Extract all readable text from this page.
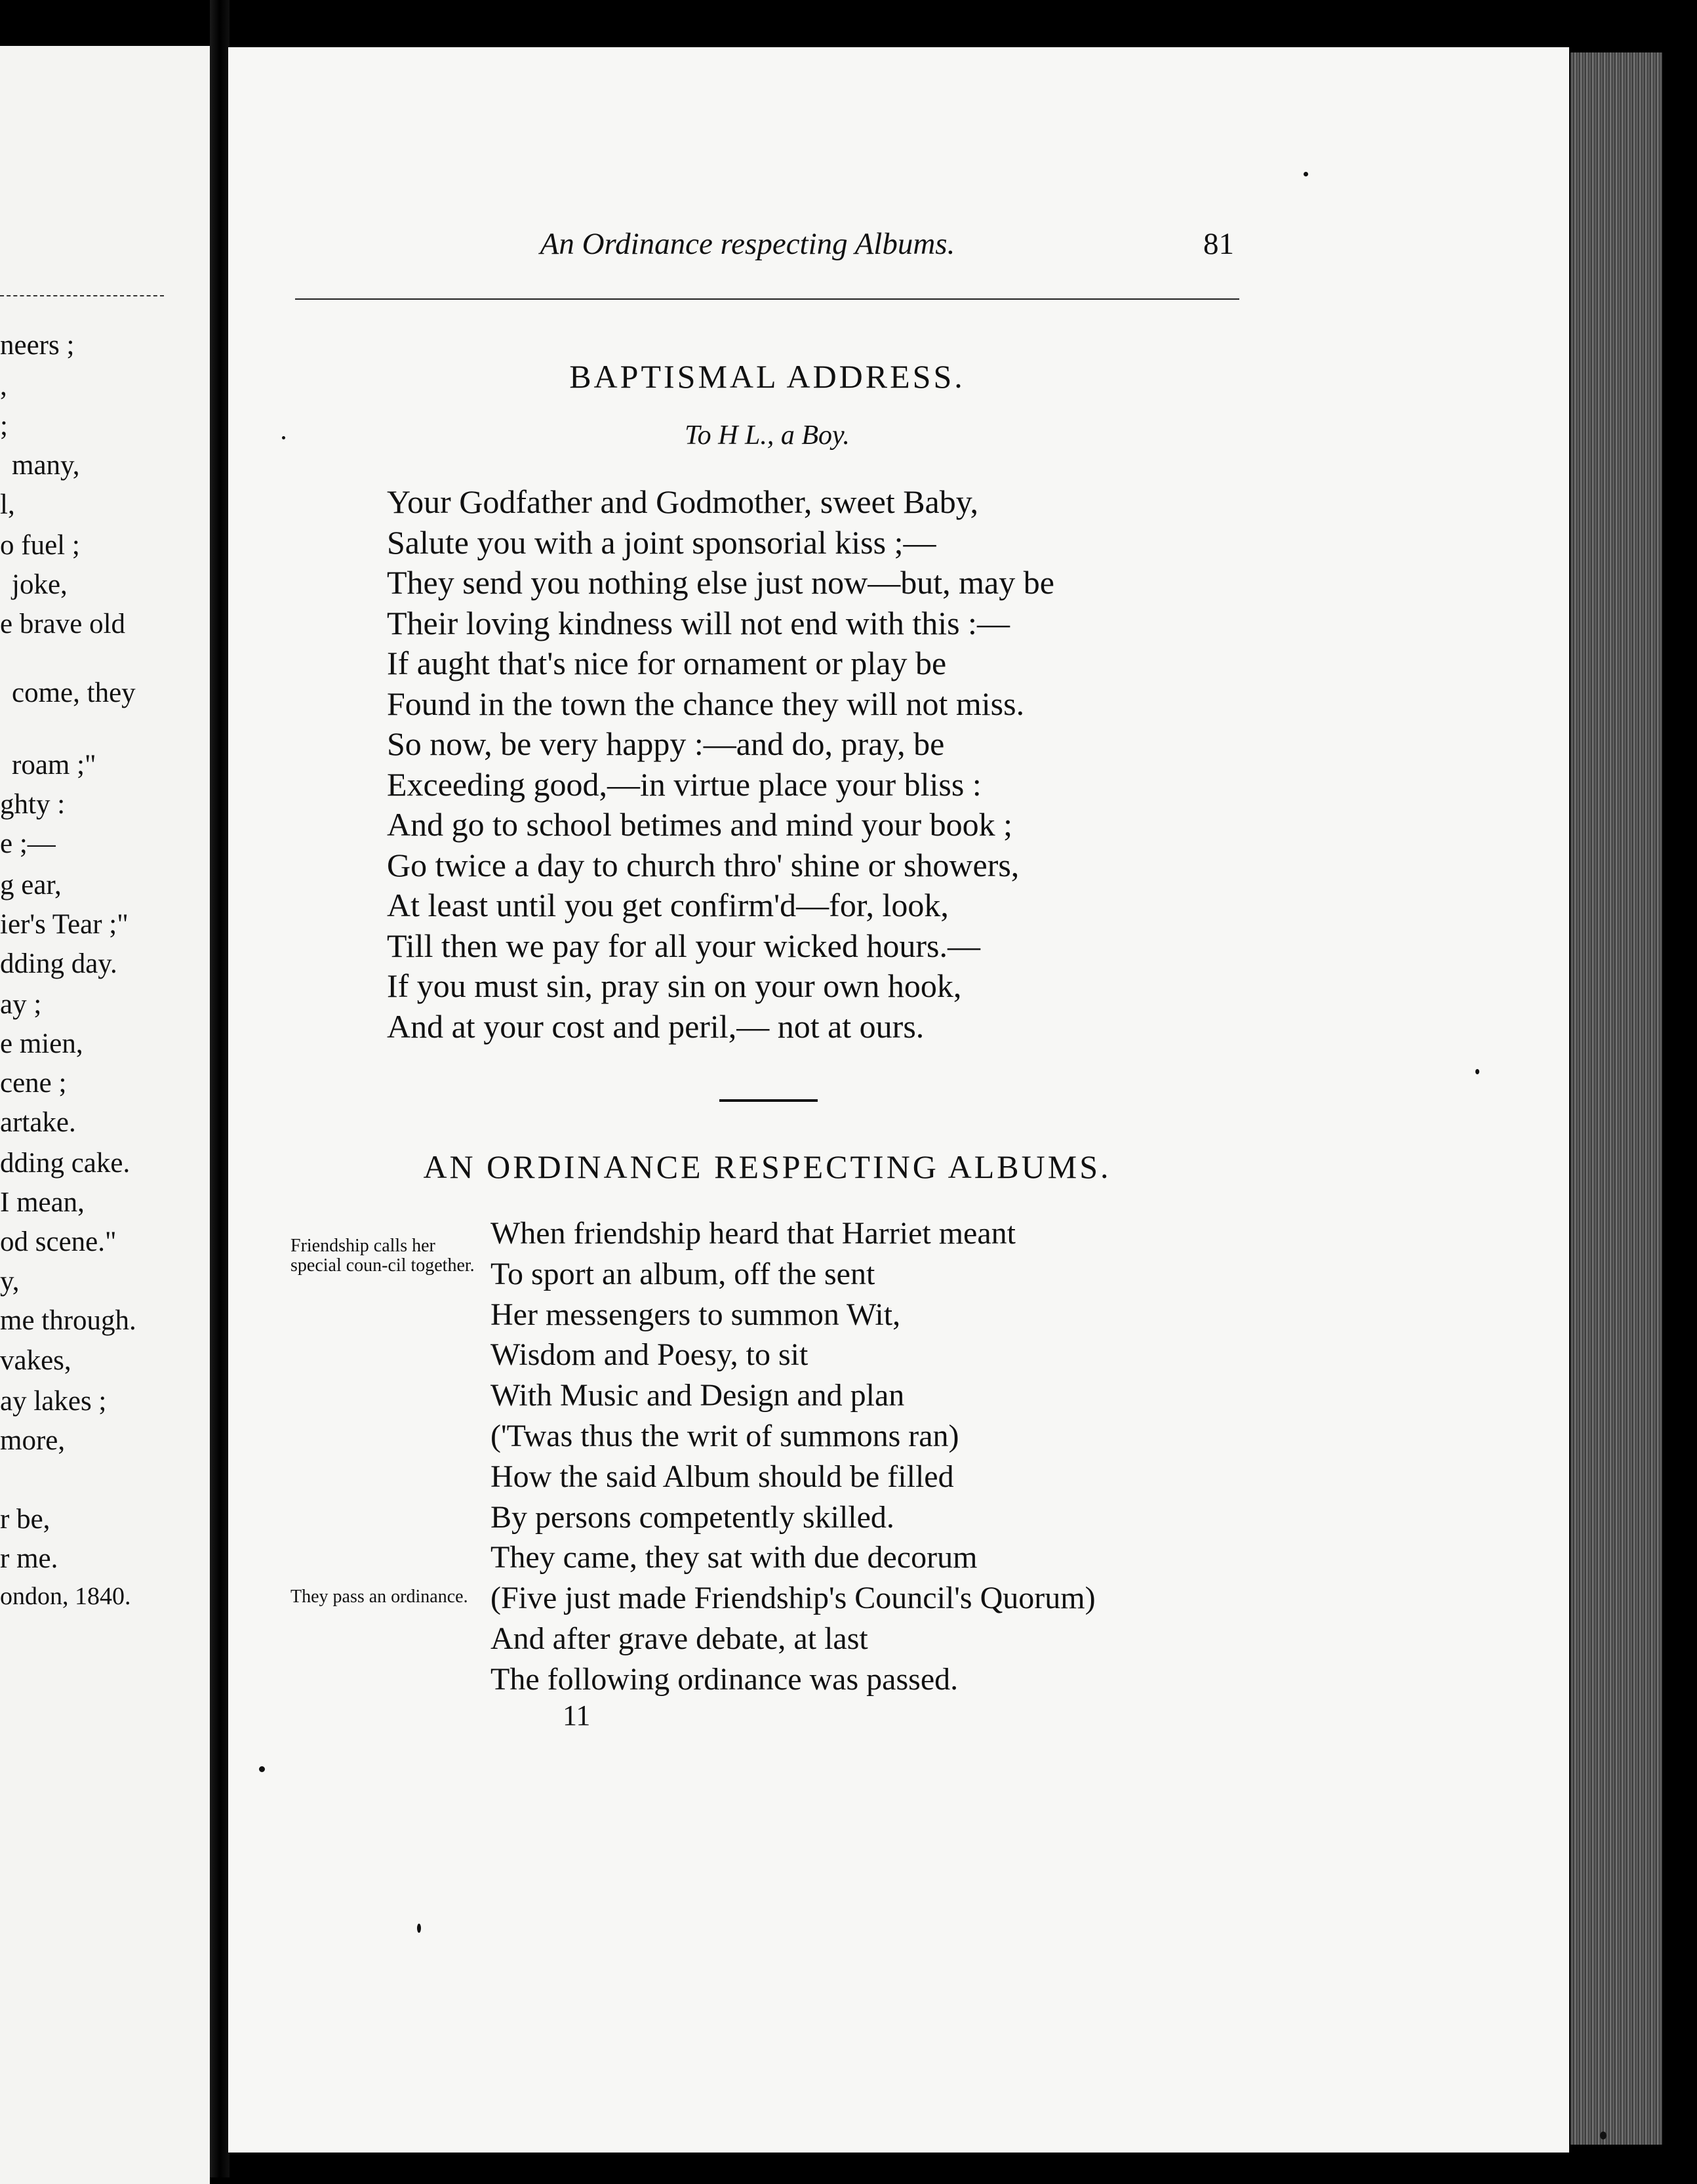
neers ;
,
;
many,
l,
o fuel ;
joke,
e brave old
come, they
roam ;"
ghty :
e ;—
g ear,
ier's Tear ;"
dding day.
ay ;
e mien,
cene ;
artake.
dding cake.
I mean,
od scene."
y,
me through.
vakes,
ay lakes ;
more,
r be,
r me.
ondon, 1840.
An Ordinance respecting Albums.	81
BAPTISMAL ADDRESS.
To H L., a Boy.
Your Godfather and Godmother, sweet Baby,
Salute you with a joint sponsorial kiss ;—
They send you nothing else just now—but, may be
Their loving kindness will not end with this :—
If aught that's nice for ornament or play be
Found in the town the chance they will not miss.
So now, be very happy :—and do, pray, be
Exceeding good,—in virtue place your bliss :
And go to school betimes and mind your book ;
Go twice a day to church thro' shine or showers,
At least until you get confirm'd—for, look,
Till then we pay for all your wicked hours.—
If you must sin, pray sin on your own hook,
And at your cost and peril,— not at ours.
AN ORDINANCE RESPECTING ALBUMS.
Friendship calls her special coun-cil together.
They pass an ordinance.
When friendship heard that Harriet meant
To sport an album, off the sent
Her messengers to summon Wit,
Wisdom and Poesy, to sit
With Music and Design and plan
('Twas thus the writ of summons ran)
How the said Album should be filled
By persons competently skilled.
They came, they sat with due decorum
(Five just made Friendship's Council's Quorum)
And after grave debate, at last
The following ordinance was passed.
11
